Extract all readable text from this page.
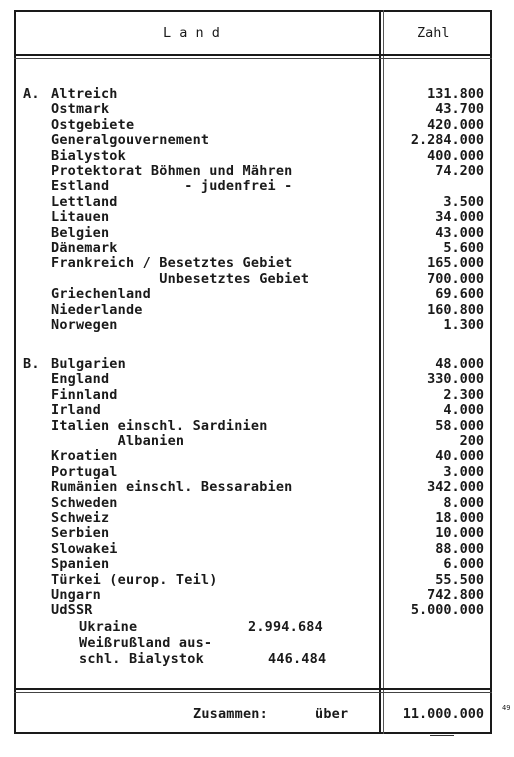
L a n d	Zahl
A. Altreich	131.800
Ostmark	43.700
Ostgebiete	420.000
Generalgouvernement	2.284.000
Bialystok	400.000
Protektorat Böhmen und Mähren	74.200
Estland         - judenfrei -
Lettland	3.500
Litauen	34.000
Belgien	43.000
Dänemark	5.600
Frankreich / Besetztes Gebiet	165.000
Unbesetztes Gebiet	700.000
Griechenland	69.600
Niederlande	160.800
Norwegen	1.300
B. Bulgarien	48.000
England	330.000
Finnland	2.300
Irland	4.000
Italien einschl. Sardinien	58.000
Albanien	200
Kroatien	40.000
Portugal	3.000
Rumänien einschl. Bessarabien	342.000
Schweden	8.000
Schweiz	18.000
Serbien	10.000
Slowakei	88.000
Spanien	6.000
Türkei (europ. Teil)	55.500
Ungarn	742.800
UdSSR	5.000.000
Ukraine	2.994.684
Weißrußland aus-
schl. Bialystok	446.484
Zusammen:	über	11.000.000	49
